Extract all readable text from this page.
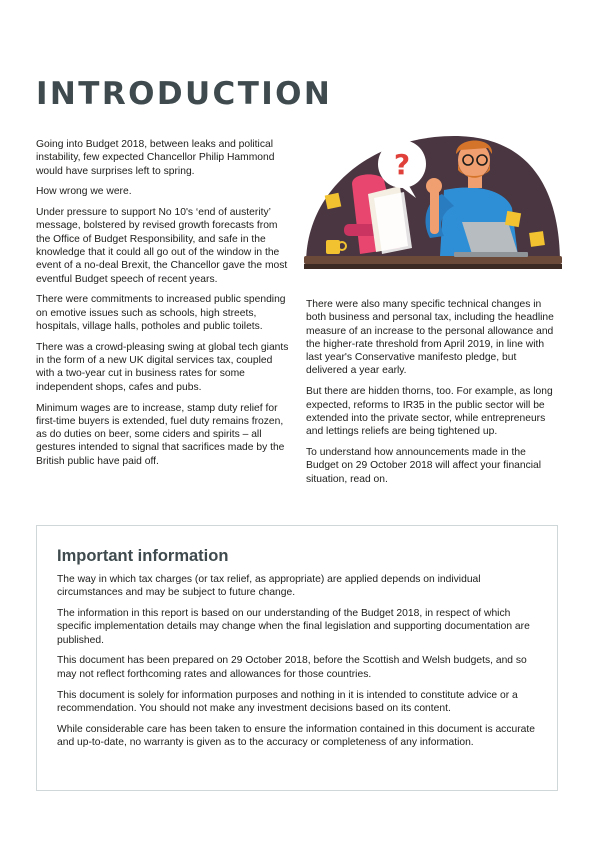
INTRODUCTION

Going into Budget 2018, between leaks and political instability, few expected Chancellor Philip Hammond would have surprises left to spring.

How wrong we were.

Under pressure to support No 10's ‘end of austerity’ message, bolstered by revised growth forecasts from the Office of Budget Responsibility, and safe in the knowledge that it could all go out of the window in the event of a no-deal Brexit, the Chancellor gave the most eventful Budget speech of recent years.

There were commitments to increased public spending on emotive issues such as schools, high streets, hospitals, village halls, potholes and public toilets.

There was a crowd-pleasing swing at global tech giants in the form of a new UK digital services tax, coupled with a two-year cut in business rates for some independent shops, cafes and pubs.

Minimum wages are to increase, stamp duty relief for first-time buyers is extended, fuel duty remains frozen, as do duties on beer, some ciders and spirits – all gestures intended to signal that sacrifices made by the British public have paid off.

?

There were also many specific technical changes in both business and personal tax, including the headline measure of an increase to the personal allowance and the higher-rate threshold from April 2019, in line with last year's Conservative manifesto pledge, but delivered a year early.

But there are hidden thorns, too. For example, as long expected, reforms to IR35 in the public sector will be extended into the private sector, while entrepreneurs and lettings reliefs are being tightened up.

To understand how announcements made in the Budget on 29 October 2018 will affect your financial situation, read on.

Important information

The way in which tax charges (or tax relief, as appropriate) are applied depends on individual circumstances and may be subject to future change.

The information in this report is based on our understanding of the Budget 2018, in respect of which specific implementation details may change when the final legislation and supporting documentation are published.

This document has been prepared on 29 October 2018, before the Scottish and Welsh budgets, and so may not reflect forthcoming rates and allowances for those countries.

This document is solely for information purposes and nothing in it is intended to constitute advice or a recommendation. You should not make any investment decisions based on its content.

While considerable care has been taken to ensure the information contained in this document is accurate and up-to-date, no warranty is given as to the accuracy or completeness of any information.
